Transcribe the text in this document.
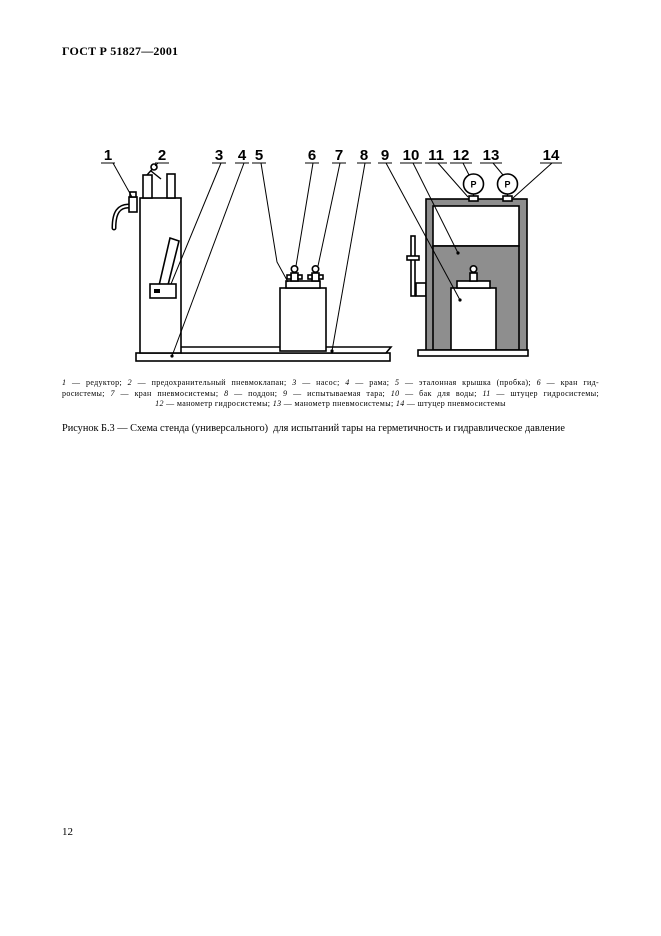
ГОСТ Р 51827—2001
P	P
1	2	3 4 5	6 7 8 9 10 11 12 13	14
1 — редуктор; 2 — предохранительный пневмоклапан; 3 — насос; 4 — рама; 5 — эталонная крышка (пробка); 6 — кран гид-
росистемы; 7 — кран пневмосистемы; 8 — поддон; 9 — испытываемая тара; 10 — бак для воды; 11 — штуцер гидросистемы;
12 — манометр гидросистемы; 13 — манометр пневмосистемы; 14 — штуцер пневмосистемы
Рисунок Б.3 — Схема стенда (универсального)  для испытаний тары на герметичность и гидравлическое давление
12
